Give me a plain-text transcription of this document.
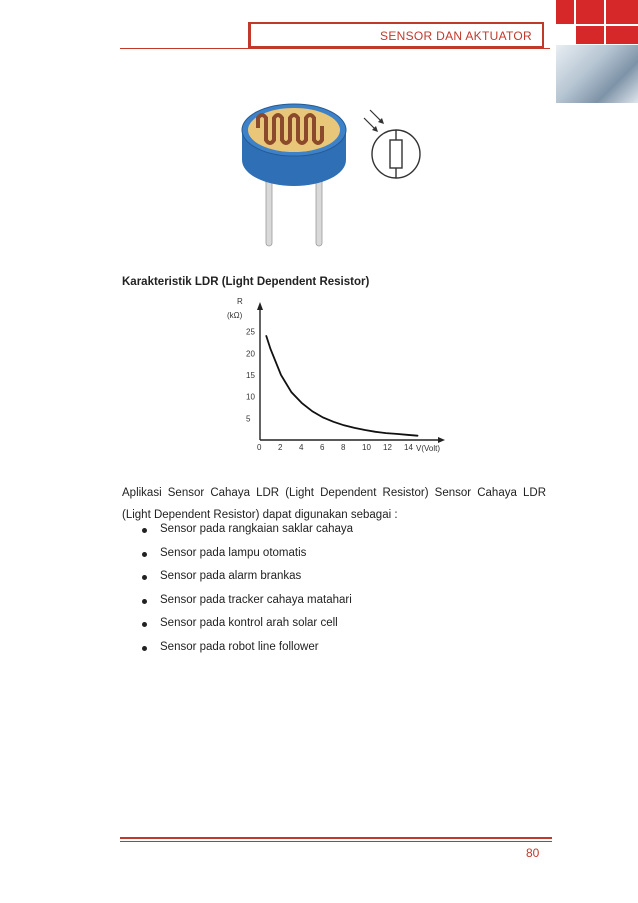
SENSOR DAN AKTUATOR
Karakteristik LDR (Light Dependent Resistor)
R
(kΩ)
V(Volt)
0 2 4 6 8 10 12 14
5
10
15
20
25
Aplikasi Sensor Cahaya LDR (Light Dependent Resistor) Sensor Cahaya LDR (Light Dependent Resistor) dapat digunakan sebagai :
Sensor pada rangkaian saklar cahaya
Sensor pada lampu otomatis
Sensor pada alarm brankas
Sensor pada tracker cahaya matahari
Sensor pada kontrol arah solar cell
Sensor pada robot line follower
80
